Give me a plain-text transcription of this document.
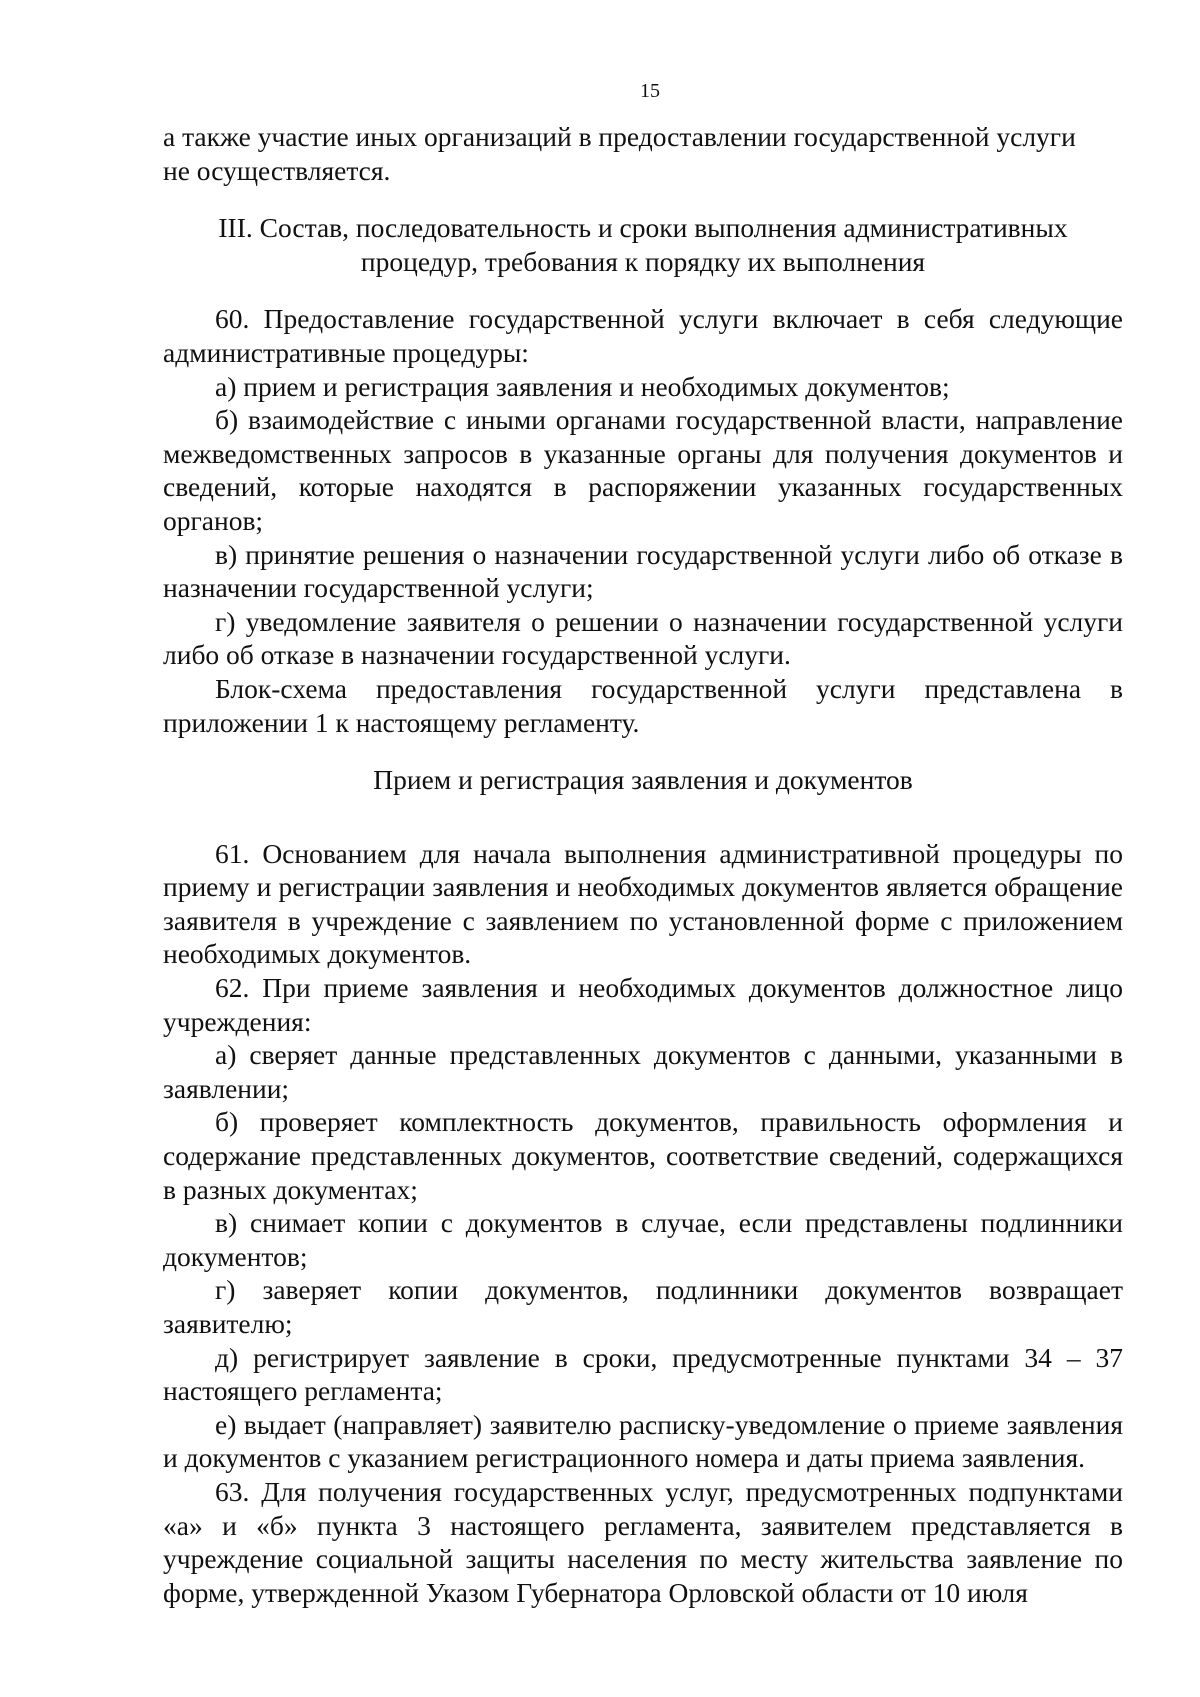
15

а также участие иных организаций в предоставлении государственной услуги

не осуществляется.

III. Состав, последовательность и сроки выполнения административных

процедур, требования к порядку их выполнения

60. Предоставление государственной услуги включает в себя следующие административные процедуры:

а) прием и регистрация заявления и необходимых документов;

б) взаимодействие с иными органами государственной власти, направление межведомственных запросов в указанные органы для получения документов и сведений, которые находятся в распоряжении указанных государственных органов;

в) принятие решения о назначении государственной услуги либо об отказе в назначении государственной услуги;

г) уведомление заявителя о решении о назначении государственной услуги либо об отказе в назначении государственной услуги.

Блок-схема предоставления государственной услуги представлена в приложении 1 к настоящему регламенту.

Прием и регистрация заявления и документов

61. Основанием для начала выполнения административной процедуры по приему и регистрации заявления и необходимых документов является обращение заявителя в учреждение с заявлением по установленной форме с приложением необходимых документов.

62. При приеме заявления и необходимых документов должностное лицо учреждения:

а) сверяет данные представленных документов с данными, указанными в заявлении;

б) проверяет комплектность документов, правильность оформления и содержание представленных документов, соответствие сведений, содержащихся в разных документах;

в) снимает копии с документов в случае, если представлены подлинники документов;

г) заверяет копии документов, подлинники документов возвращает заявителю;

д) регистрирует заявление в сроки, предусмотренные пунктами 34 – 37 настоящего регламента;

е) выдает (направляет) заявителю расписку-уведомление о приеме заявления и документов с указанием регистрационного номера и даты приема заявления.

63. Для получения государственных услуг, предусмотренных подпунктами «а» и «б» пункта 3 настоящего регламента, заявителем представляется в учреждение социальной защиты населения по месту жительства заявление по форме, утвержденной Указом Губернатора Орловской области от 10 июля
